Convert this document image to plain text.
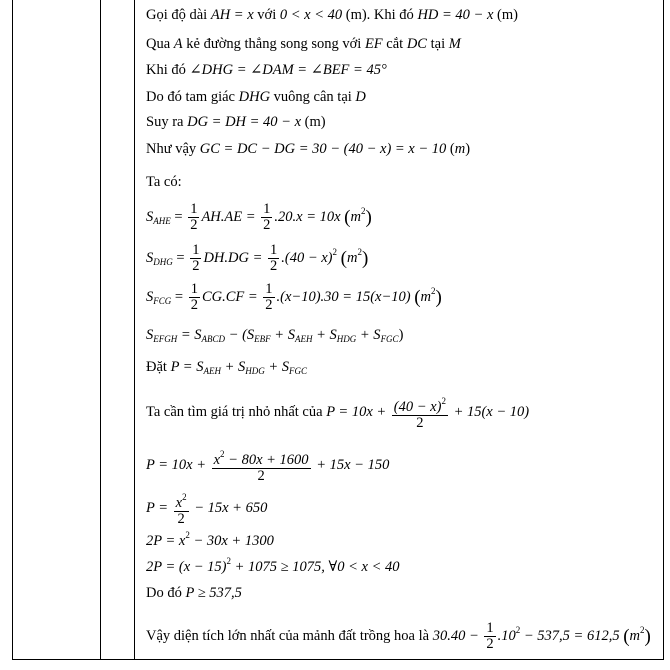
Gọi độ dài AH = x với 0 < x < 40 (m). Khi đó HD = 40 − x (m)
Qua A kẻ đường thẳng song song với EF cắt DC tại M
Khi đó ∠DHG = ∠DAM = ∠BEF = 45°
Do đó tam giác DHG vuông cân tại D
Suy ra DG = DH = 40 − x (m)
Như vậy GC = DC − DG = 30 − (40 − x) = x − 10 (m)
Ta có:
$S_{AHE} = \frac{1}{2} AH.AE = \frac{1}{2} .20.x = 10x$ $(m^2)$
$S_{DHG} = \frac{1}{2} DH.DG = \frac{1}{2} .(40 - x)^2$ $(m^2)$
$S_{FCG} = \frac{1}{2} CG.CF = \frac{1}{2} .(x-10).30 = 15(x-10)$ $(m^2)$
$S_{EFGH} = S_{ABCD} - (S_{EBF} + S_{AEH} + S_{HDG} + S_{FGC})$
Đặt $P = S_{AEH} + S_{HDG} + S_{FGC}$
Ta cần tìm giá trị nhỏ nhất của $P = 10x + \frac{(40 - x)^2}{2} + 15(x - 10)$
$P = 10x + \frac{x^2 - 80x + 1600}{2} + 15x - 150$
$P = \frac{x^2}{2} - 15x + 650$
$2P = x^2 - 30x + 1300$
$2P = (x - 15)^2 + 1075 \ge 1075$, ∀0 < x < 40
Do đó P ≥ 537,5
Vậy diện tích lớn nhất của mảnh đất trồng hoa là $30.40 - \frac{1}{2} .10^2 - 537,5 = 612,5$ $(m^2)$
